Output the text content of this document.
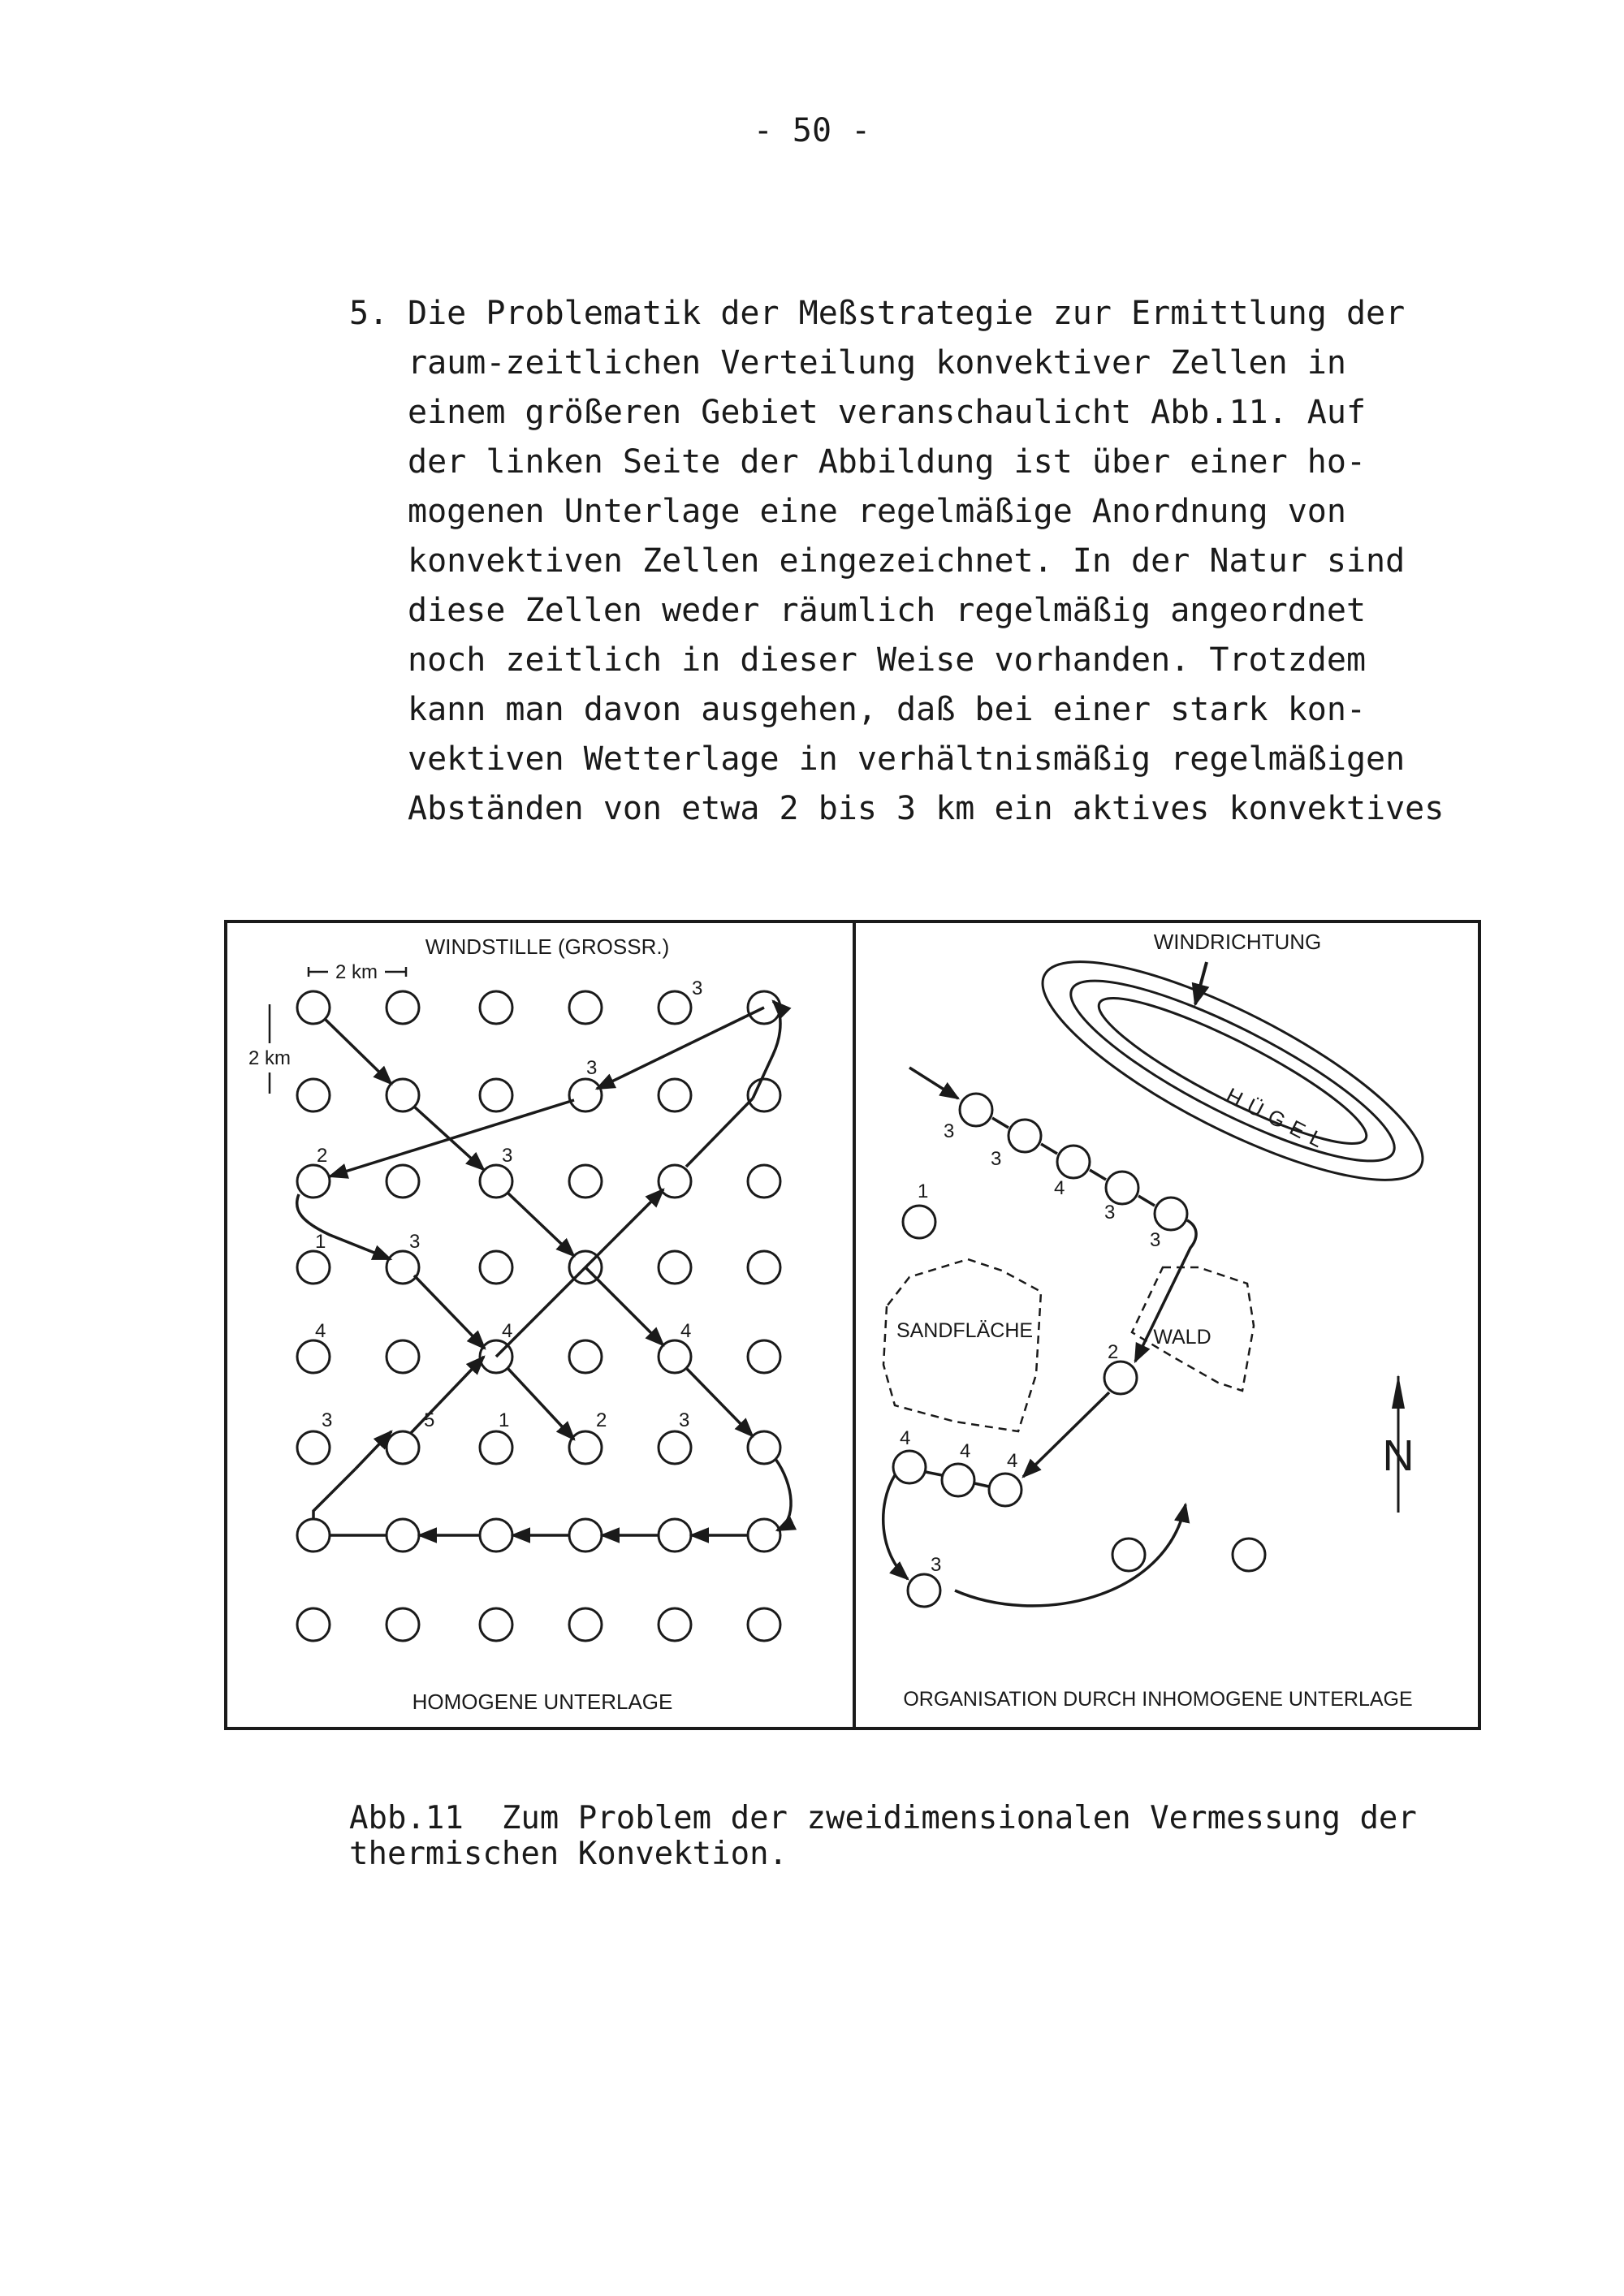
- 50 -
5. Die Problematik der Meßstrategie zur Ermittlung der
raum-zeitlichen Verteilung konvektiver Zellen in
einem größeren Gebiet veranschaulicht Abb.11. Auf
der linken Seite der Abbildung ist über einer ho-
mogenen Unterlage eine regelmäßige Anordnung von
konvektiven Zellen eingezeichnet. In der Natur sind
diese Zellen weder räumlich regelmäßig angeordnet
noch zeitlich in dieser Weise vorhanden. Trotzdem
kann man davon ausgehen, daß bei einer stark kon-
vektiven Wetterlage in verhältnismäßig regelmäßigen
Abständen von etwa 2 bis 3 km ein aktives konvektives
WINDSTILLE (GROSSR.)
2 km
2 km
3
3
2	3
1	3
4	4	4
3	5	1	2	3
HOMOGENE UNTERLAGE
WINDRICHTUNG
HÜGEL
SANDFLÄCHE	WALD
N
3
3
4
3
3
1
2
4
4 4
3
ORGANISATION DURCH INHOMOGENE UNTERLAGE
Abb.11  Zum Problem der zweidimensionalen Vermessung der
thermischen Konvektion.
